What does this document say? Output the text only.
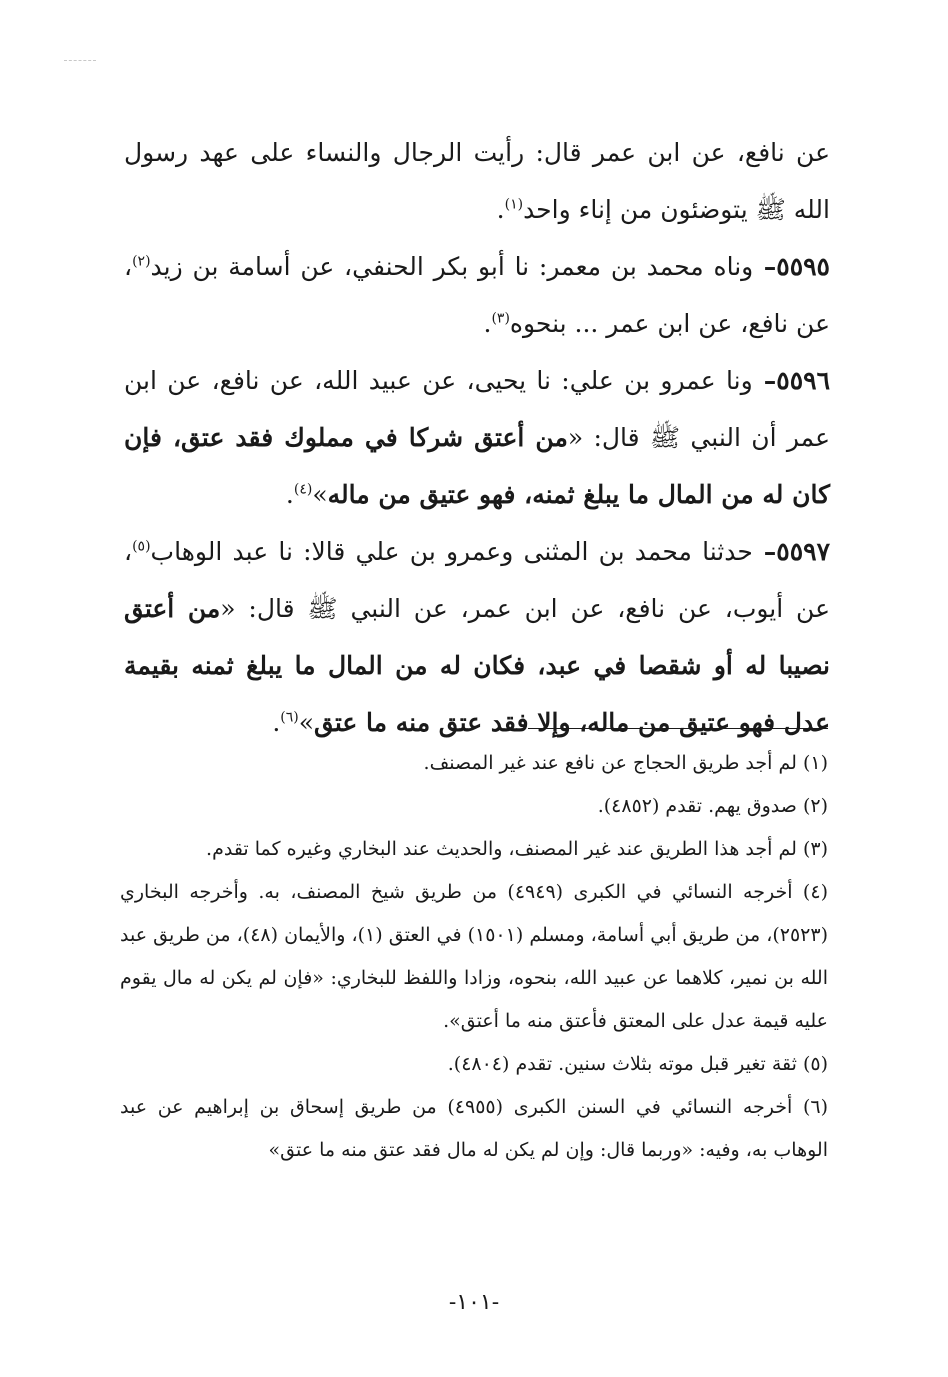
عن نافع، عن ابن عمر قال: رأيت الرجال والنساء على عهد رسول الله ﷺ يتوضئون من إناء واحد$^{(١)}$.

٥٥٩٥– وناه محمد بن معمر: نا أبو بكر الحنفي، عن أسامة بن زيد$^{(٢)}$، عن نافع، عن ابن عمر ... بنحوه$^{(٣)}$.

٥٥٩٦– ونا عمرو بن علي: نا يحيى، عن عبيد الله، عن نافع، عن ابن عمر أن النبي ﷺ قال: «من أعتق شركا في مملوك فقد عتق، فإن كان له من المال ما يبلغ ثمنه، فهو عتيق من ماله»$^{(٤)}$.

٥٥٩٧– حدثنا محمد بن المثنى وعمرو بن علي قالا: نا عبد الوهاب$^{(٥)}$، عن أيوب، عن نافع، عن ابن عمر، عن النبي ﷺ قال: «من أعتق نصيبا له أو شقصا في عبد، فكان له من المال ما يبلغ ثمنه بقيمة عدل فهو عتيق من ماله، وإلا فقد عتق منه ما عتق»$^{(٦)}$.

(١) لم أجد طريق الحجاج عن نافع عند غير المصنف.

(٢) صدوق يهم. تقدم (٤٨٥٢).

(٣) لم أجد هذا الطريق عند غير المصنف، والحديث عند البخاري وغيره كما تقدم.

(٤) أخرجه النسائي في الكبرى (٤٩٤٩) من طريق شيخ المصنف، به. وأخرجه البخاري (٢٥٢٣)، من طريق أبي أسامة، ومسلم (١٥٠١) في العتق (١)، والأيمان (٤٨)، من طريق عبد الله بن نمير، كلاهما عن عبيد الله، بنحوه، وزادا واللفظ للبخاري: «فإن لم يكن له مال يقوم عليه قيمة عدل على المعتق فأعتق منه ما أعتق».

(٥) ثقة تغير قبل موته بثلاث سنين. تقدم (٤٨٠٤).

(٦) أخرجه النسائي في السنن الكبرى (٤٩٥٥) من طريق إسحاق بن إبراهيم عن عبد الوهاب به، وفيه: «وربما قال: وإن لم يكن له مال فقد عتق منه ما عتق»

-١٠١-
